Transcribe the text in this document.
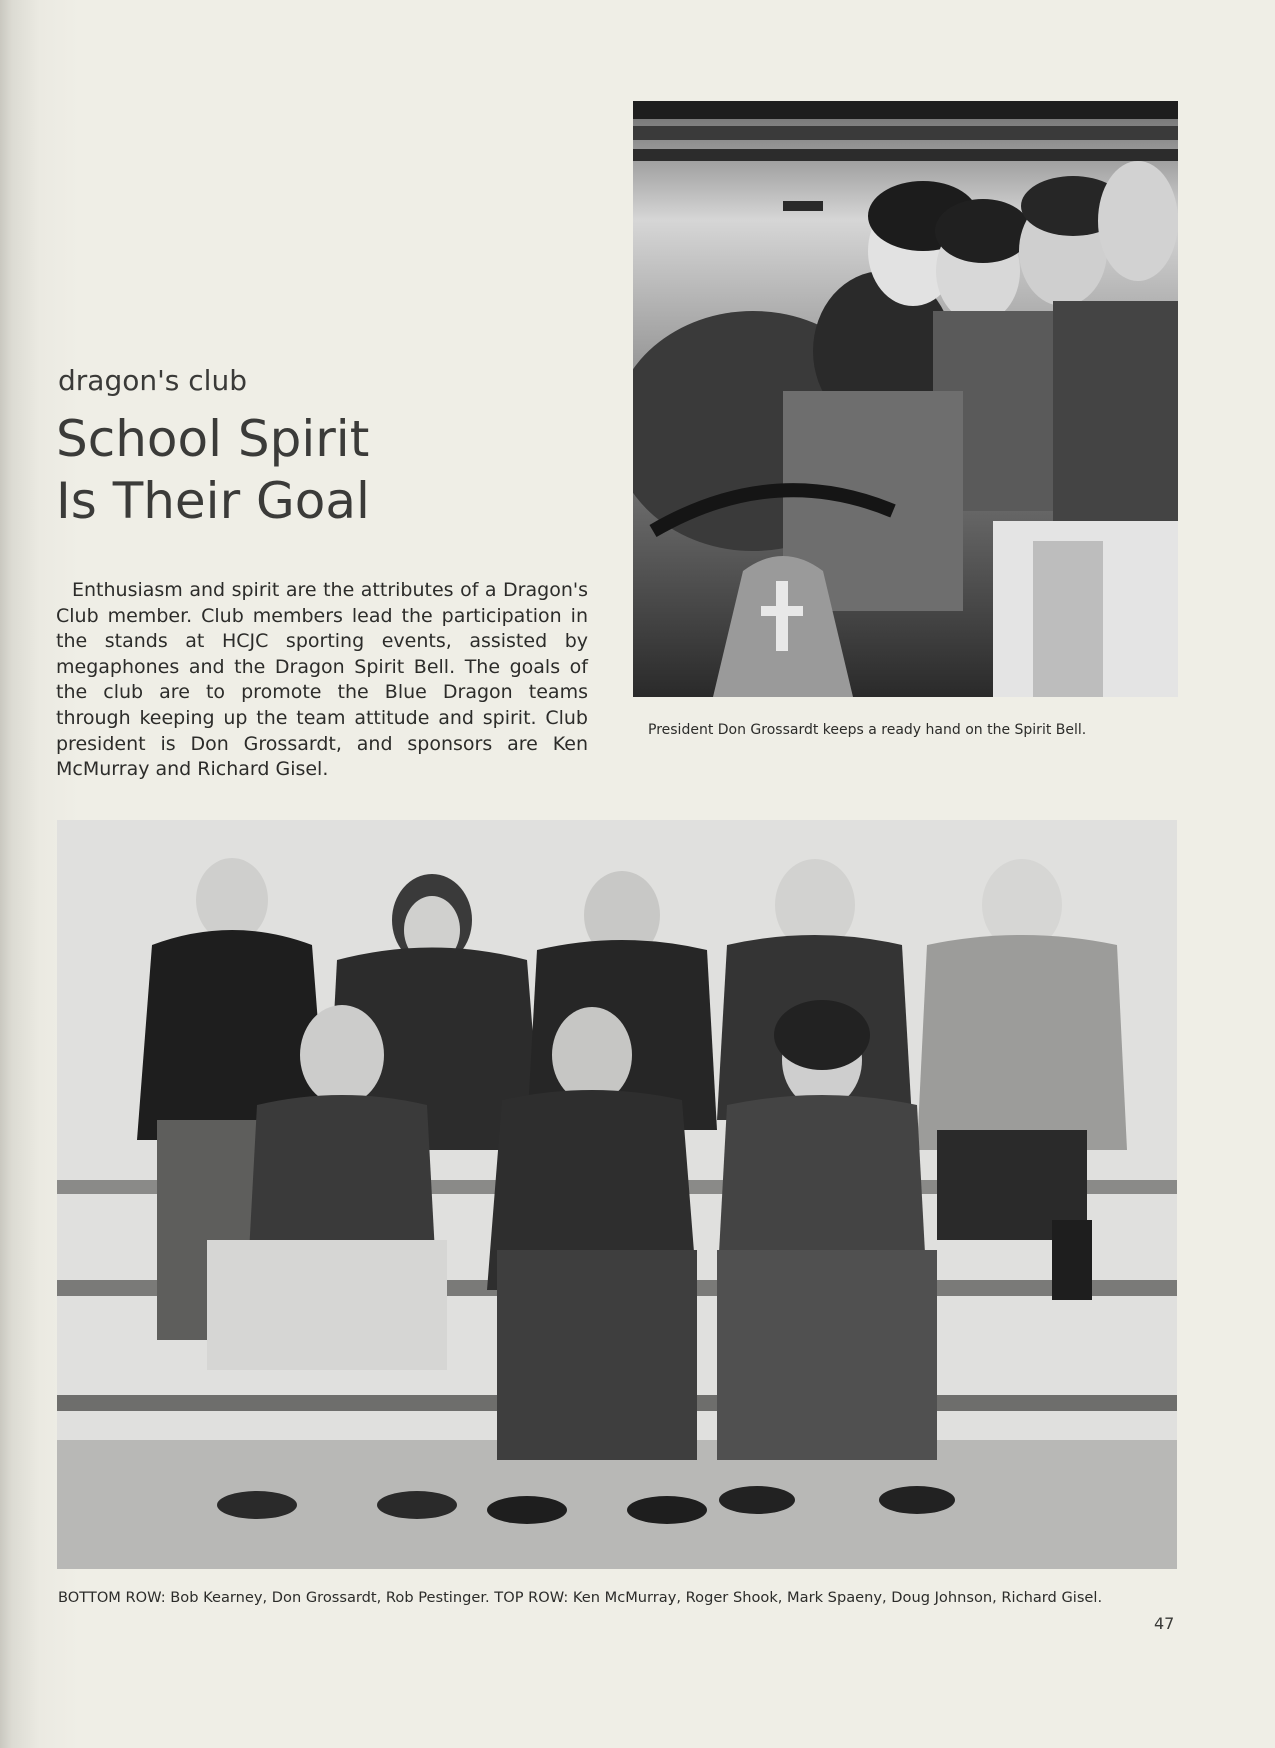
dragon's club
School Spirit
Is Their Goal

Enthusiasm and spirit are the attributes of a Dragon's Club member. Club members lead the participation in the stands at HCJC sporting events, assisted by megaphones and the Dragon Spirit Bell. The goals of the club are to promote the Blue Dragon teams through keeping up the team attitude and spirit. Club president is Don Grossardt, and sponsors are Ken McMurray and Richard Gisel.

President Don Grossardt keeps a ready hand on the Spirit Bell.
BOTTOM ROW: Bob Kearney, Don Grossardt, Rob Pestinger. TOP ROW: Ken McMurray, Roger Shook, Mark Spaeny, Doug Johnson, Richard Gisel.
47
